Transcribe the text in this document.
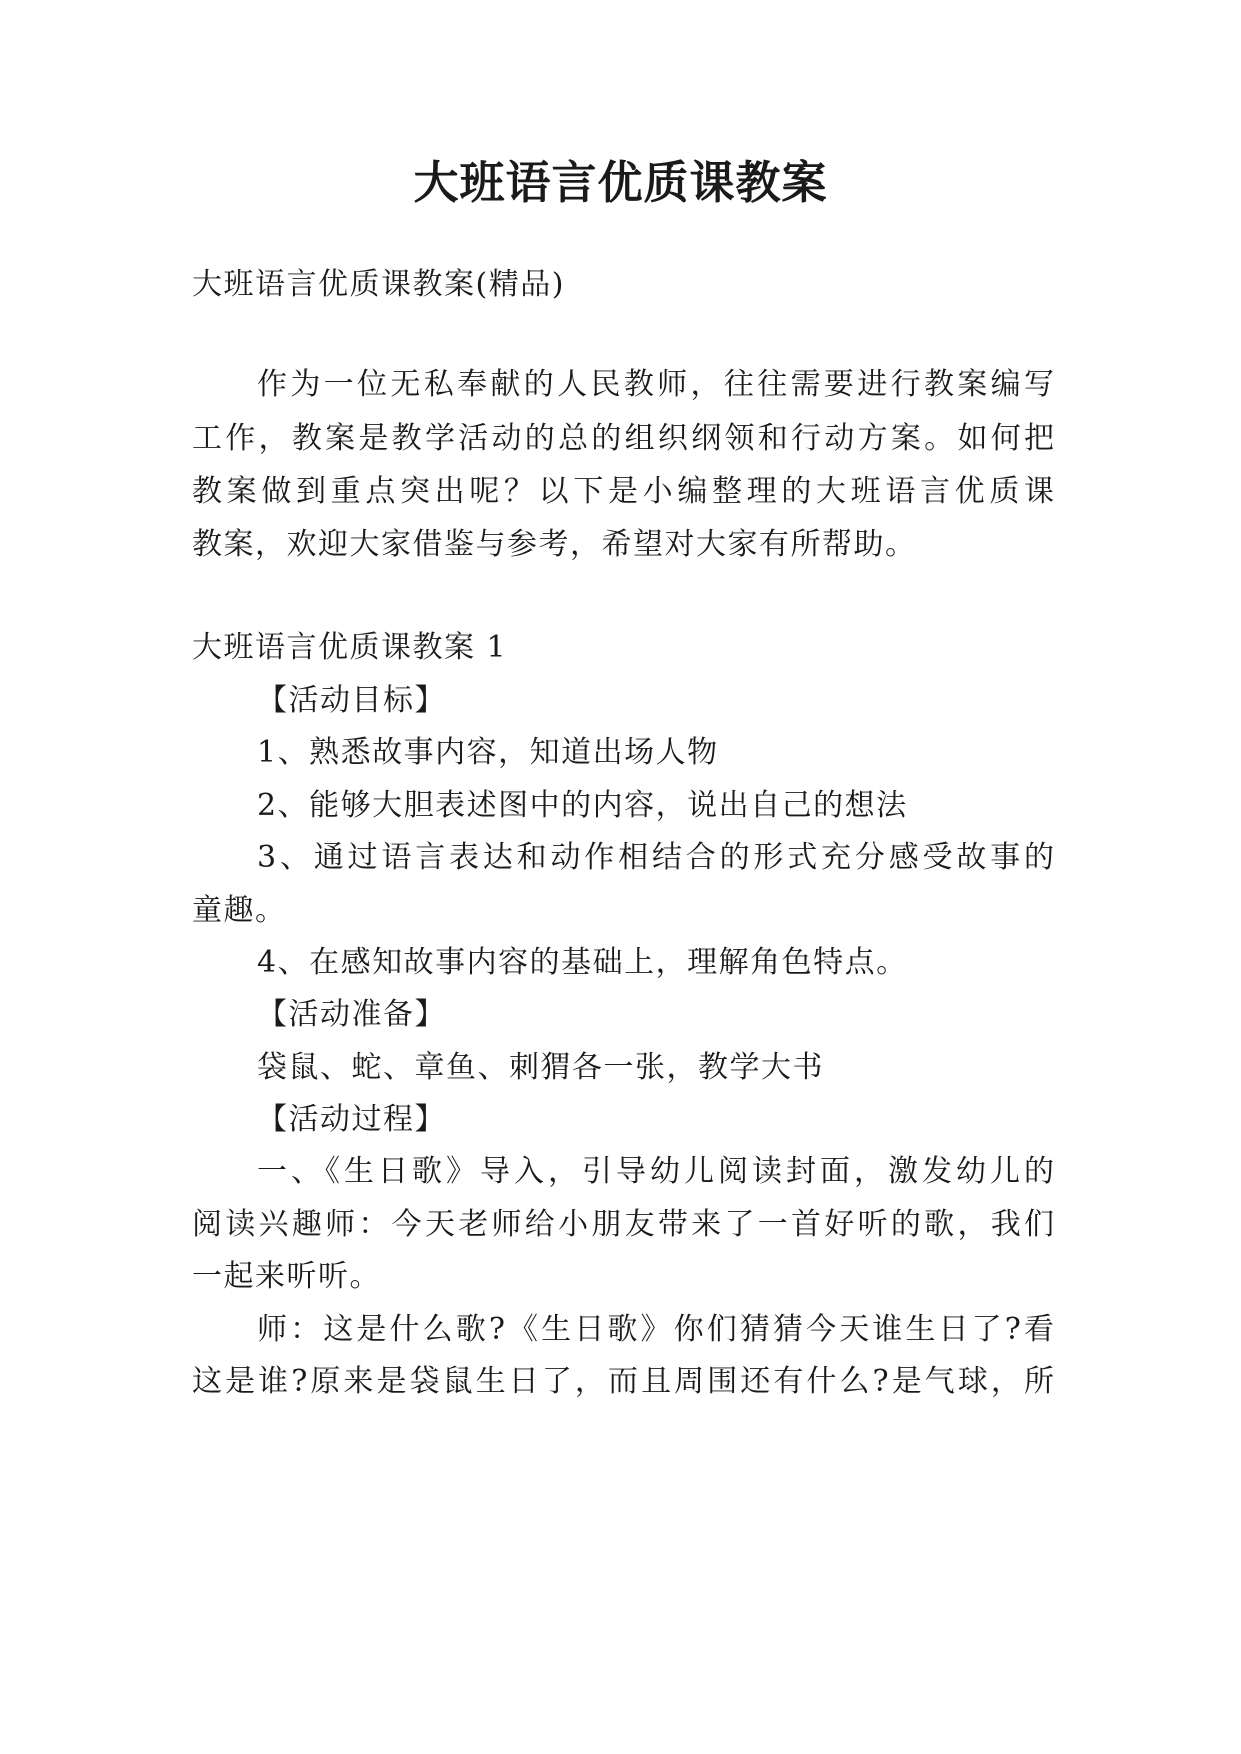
大班语言优质课教案
大班语言优质课教案(精品)
作为一位无私奉献的人民教师，往往需要进行教案编写
工作，教案是教学活动的总的组织纲领和行动方案。如何把
教案做到重点突出呢？以下是小编整理的大班语言优质课
教案，欢迎大家借鉴与参考，希望对大家有所帮助。
大班语言优质课教案 1
【活动目标】
1、熟悉故事内容，知道出场人物
2、能够大胆表述图中的内容，说出自己的想法
3、通过语言表达和动作相结合的形式充分感受故事的
童趣。
4、在感知故事内容的基础上，理解角色特点。
【活动准备】
袋鼠、蛇、章鱼、刺猬各一张，教学大书
【活动过程】
一、《生日歌》导入，引导幼儿阅读封面，激发幼儿的
阅读兴趣师：今天老师给小朋友带来了一首好听的歌，我们
一起来听听。
师：这是什么歌?《生日歌》你们猜猜今天谁生日了?看
这是谁?原来是袋鼠生日了，而且周围还有什么?是气球，所
